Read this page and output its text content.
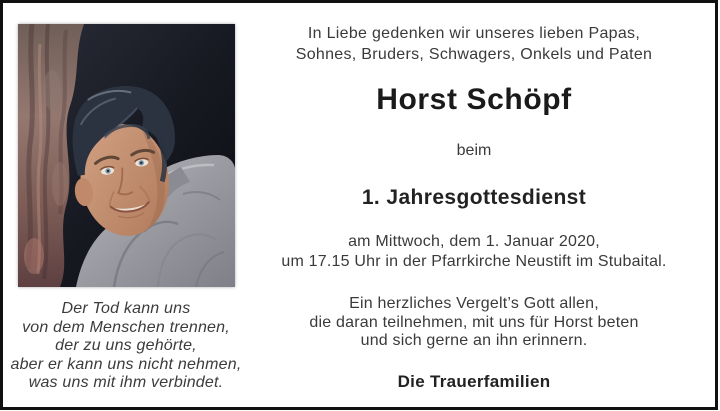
Der Tod kann uns
von dem Menschen trennen,
der zu uns gehörte,
aber er kann uns nicht nehmen,
was uns mit ihm verbindet.
In Liebe gedenken wir unseres lieben Papas,
Sohnes, Bruders, Schwagers, Onkels und Paten
Horst Schöpf
beim
1. Jahresgottesdienst
am Mittwoch, dem 1. Januar 2020,
um 17.15 Uhr in der Pfarrkirche Neustift im Stubaital.
Ein herzliches Vergelt’s Gott allen,
die daran teilnehmen, mit uns für Horst beten
und sich gerne an ihn erinnern.
Die Trauerfamilien
